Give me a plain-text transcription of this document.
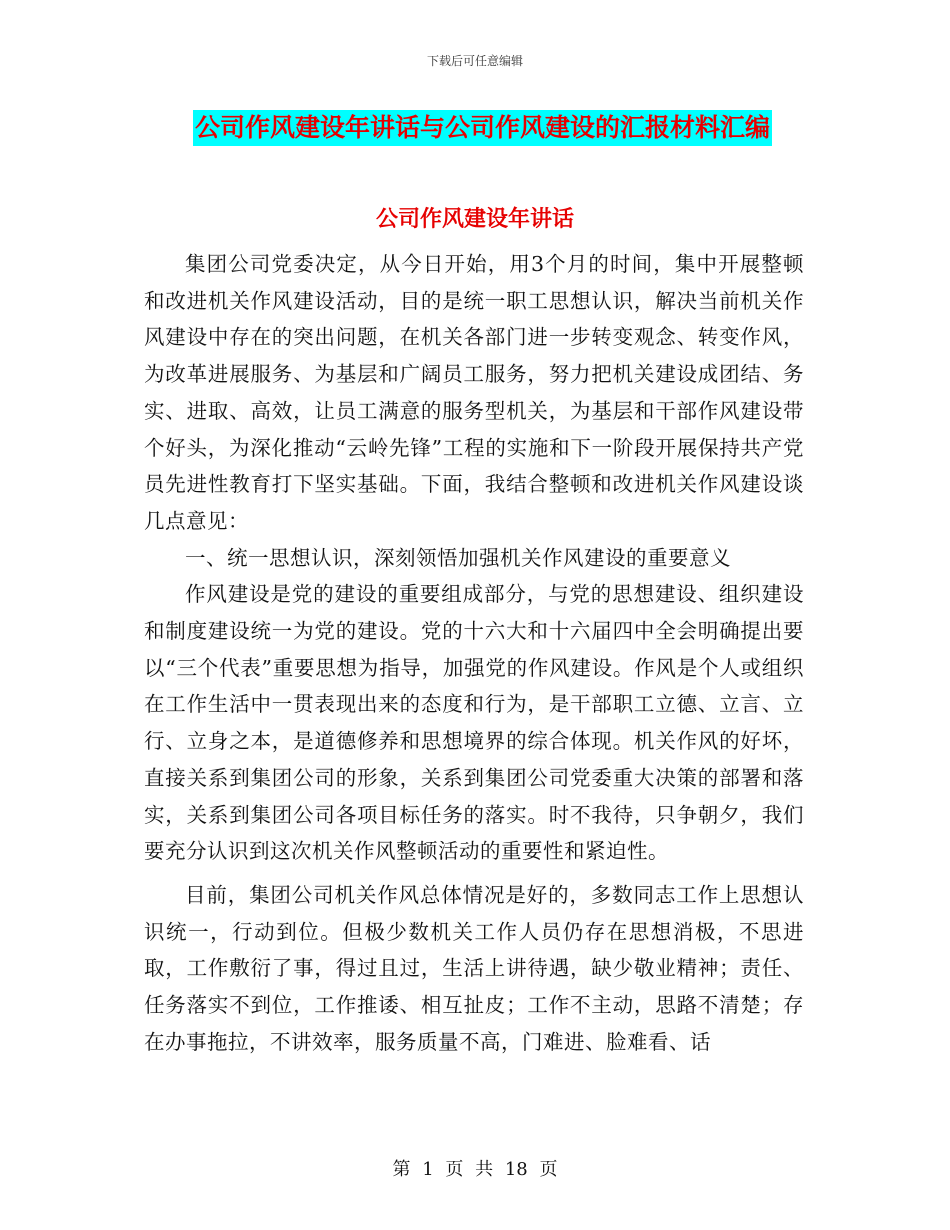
下载后可任意编辑
公司作风建设年讲话与公司作风建设的汇报材料汇编
公司作风建设年讲话

集团公司党委决定，从今日开始，用3个月的时间，集中开展整顿和改进机关作风建设活动，目的是统一职工思想认识，解决当前机关作风建设中存在的突出问题，在机关各部门进一步转变观念、转变作风，为改革进展服务、为基层和广阔员工服务，努力把机关建设成团结、务实、进取、高效，让员工满意的服务型机关，为基层和干部作风建设带个好头，为深化推动“云岭先锋”工程的实施和下一阶段开展保持共产党员先进性教育打下坚实基础。下面，我结合整顿和改进机关作风建设谈几点意见：

一、统一思想认识，深刻领悟加强机关作风建设的重要意义

作风建设是党的建设的重要组成部分，与党的思想建设、组织建设和制度建设统一为党的建设。党的十六大和十六届四中全会明确提出要以“三个代表”重要思想为指导，加强党的作风建设。作风是个人或组织在工作生活中一贯表现出来的态度和行为，是干部职工立德、立言、立行、立身之本，是道德修养和思想境界的综合体现。机关作风的好坏，直接关系到集团公司的形象，关系到集团公司党委重大决策的部署和落实，关系到集团公司各项目标任务的落实。时不我待，只争朝夕，我们要充分认识到这次机关作风整顿活动的重要性和紧迫性。

目前，集团公司机关作风总体情况是好的，多数同志工作上思想认识统一，行动到位。但极少数机关工作人员仍存在思想消极，不思进取，工作敷衍了事，得过且过，生活上讲待遇，缺少敬业精神；责任、任务落实不到位，工作推诿、相互扯皮；工作不主动，思路不清楚；存在办事拖拉，不讲效率，服务质量不高，门难进、脸难看、话

第 1 页 共 18 页
